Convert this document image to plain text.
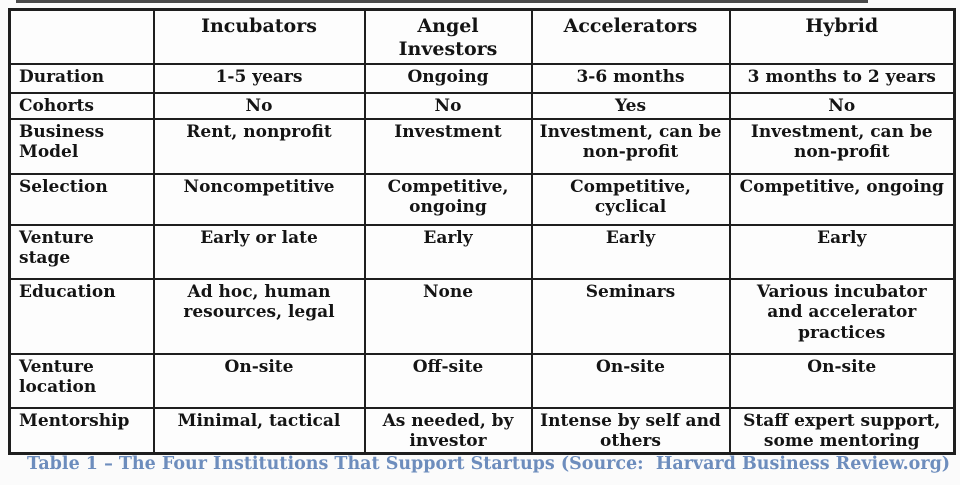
	Incubators	Angel Investors	Accelerators	Hybrid
Duration	1-5 years	Ongoing	3-6 months	3 months to 2 years
Cohorts	No	No	Yes	No
Business Model	Rent, nonprofit	Investment	Investment, can be non-profit	Investment, can be non-profit
Selection	Noncompetitive	Competitive, ongoing	Competitive, cyclical	Competitive, ongoing
Venture stage	Early or late	Early	Early	Early
Education	Ad hoc, human resources, legal	None	Seminars	Various incubator and accelerator practices
Venture location	On-site	Off-site	On-site	On-site
Mentorship	Minimal, tactical	As needed, by investor	Intense by self and others	Staff expert support, some mentoring
Table 1 – The Four Institutions That Support Startups (Source:  Harvard Business Review.org)
